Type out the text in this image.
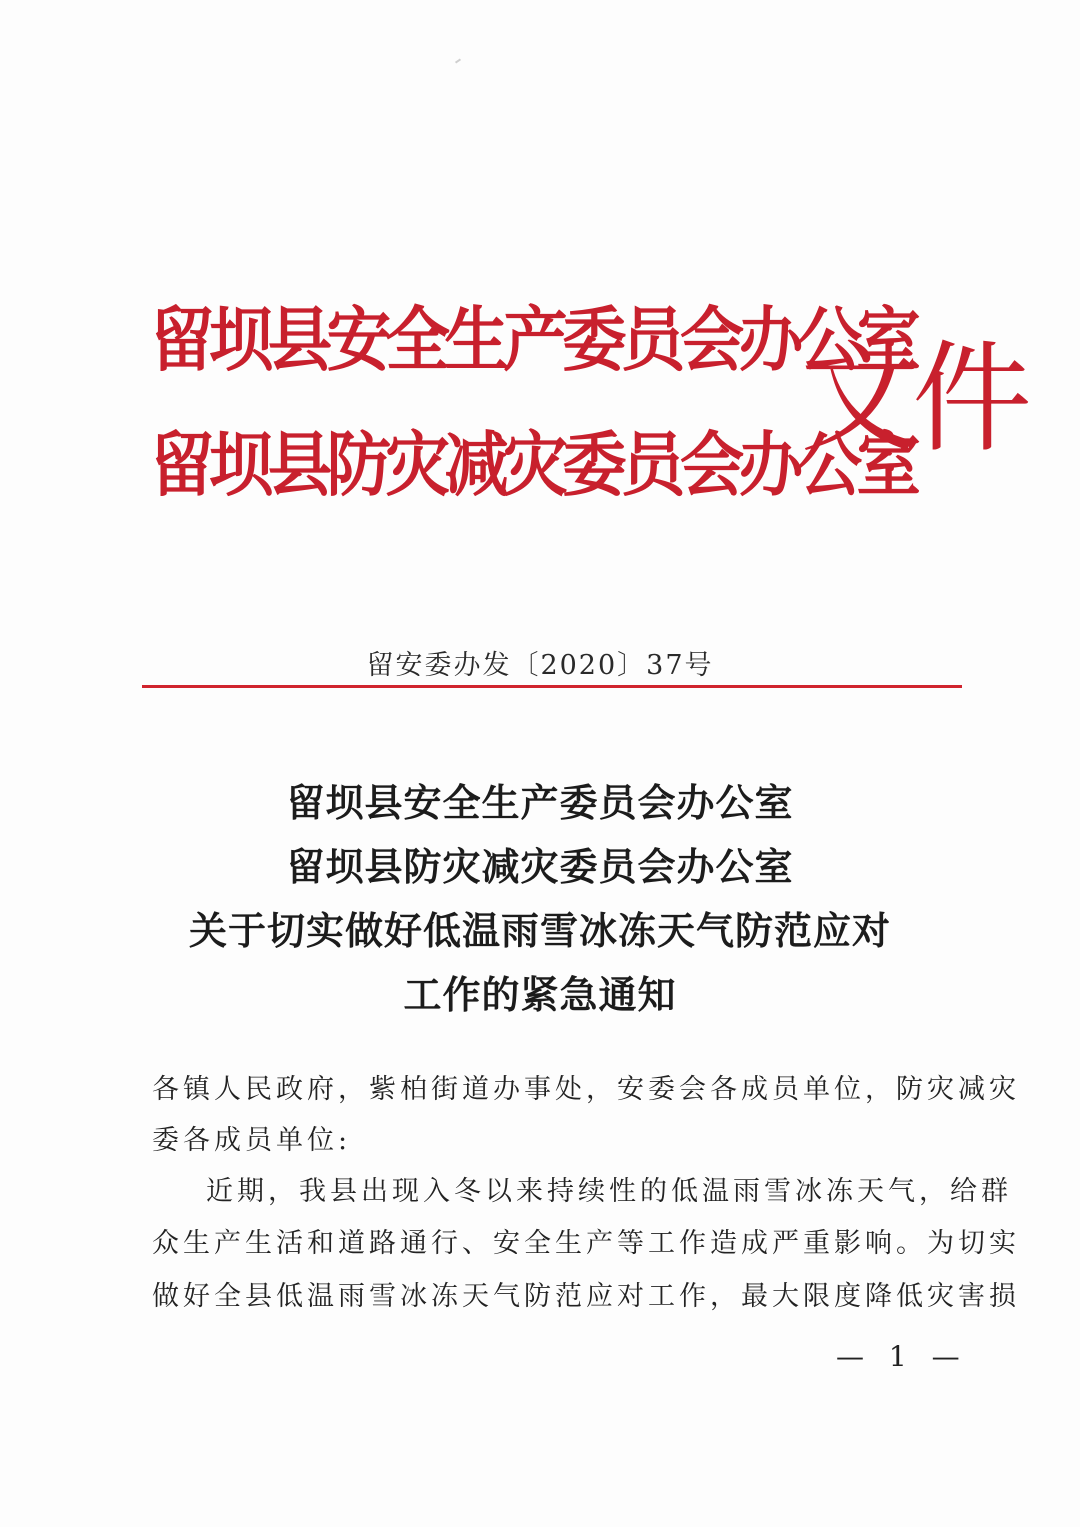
留坝县安全生产委员会办公室
留坝县防灾减灾委员会办公室
文件
留安委办发〔2020〕37号
留坝县安全生产委员会办公室
留坝县防灾减灾委员会办公室
关于切实做好低温雨雪冰冻天气防范应对
工作的紧急通知
各镇人民政府，紫柏街道办事处，安委会各成员单位，防灾减灾
委各成员单位:
近期，我县出现入冬以来持续性的低温雨雪冰冻天气，给群
众生产生活和道路通行、安全生产等工作造成严重影响。为切实
做好全县低温雨雪冰冻天气防范应对工作，最大限度降低灾害损
— 1 —
